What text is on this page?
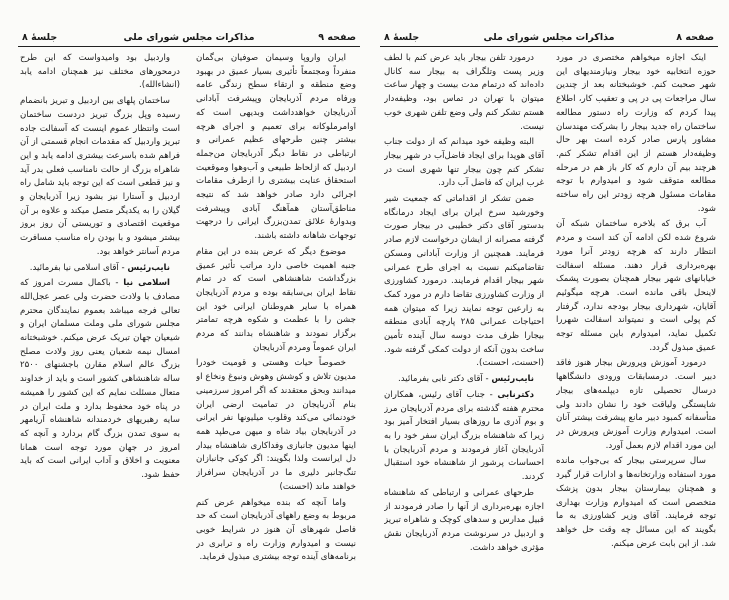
صفحه ۹
مذاکرات مجلس شورای ملی
جلسهٔ ۸

ایران واروپا وسیمان صوفیان بی‌گمان منفرداً ومجتمعاً تأثیری بسیار عمیق در بهبود وضع منطقه و ارتقاء سطح زندگی عامه ورفاه مردم آذربایجان وپیشرفت آبادانی آذربایجان خواهدداشت وبدیهی است که اوامرملوکانه برای تعمیم و اجرای هرچه بیشتر چنین طرحهای عظیم عمرانی و ارتباطی در نقاط دیگر آذربایجان من‌جمله اردبیل که ازلحاظ طبیعی و آب‌وهوا وموقعیت استحقاق عنایت بیشتری را ازطرف مقامات اجرائی دارد صادر خواهد شد که نتیجه مناطق‌آستان همآهنگ آبادی وپیشرفت وبدوارهٔ علائق تمدن‌بزرگ ایرانی را درجهت توجهات شاهانه داشته باشند.

موضوع دیگر که عرض بنده در این مقام جنبه اهمیت خاصی دارد مراتب تأثیر عمیق بزرگداشت شاهنشاهی است که در تمام نقاط ایران بی‌سابقه بوده و مردم آذربایجان همراه با سایر هم‌وطنان ایرانی خود این جشن را با عظمت و شکوه هرچه تمامتر برگزار نمودند و شاهنشاه بدانند که مردم ایران عموماً ومردم آذربایجان

خصوصاً حیات وهستی و قومیت خودرا مدیون تلاش و کوشش وهوش ونبوغ ونخاع او میدانند وبحق معتقدند که اگر امروز سرزمینی بنام آذربایجان در تمامیت ارضی ایران خودنمائی می‌کند وقلوب میلیونها نفر ایرانی در آذربایجان بیاد شاه و میهن می‌طپد همه اینها مدیون جانبازی وفداکاری شاهنشاه بیدار دل ایرانست ولذا بگویند: اگر کوکی جانبازان تنگ‌جانبر دلیری ما در آذربایجان سرافراز خواهند ماند (احسنت)

واما آنچه که بنده میخواهم عرض کنم مربوط به وضع راههای آذربایجان است که حد فاصل شهرهای آن هنوز در شرایط خوبی نیست و امیدوارم وزارت راه و ترابری در برنامه‌های آینده توجه بیشتری مبذول فرماید.

واردبیل بود وامیدواست که این طرح درمحورهای مختلف نیز همچنان ادامه یابد (انشاءالله).

ساختمان پلهای بین اردبیل و تبریز بانضمام رسیده وپل بزرگ تبریز دردست ساختمان است وانتظار عموم اینست که آسفالت جاده تبریز واردبیل که مقدمات انجام قسمتی از آن فراهم شده باسرعت بیشتری ادامه یابد و این شاهراه بزرگ از حالت نامناسب فعلی بدر آید و نیز قطعی است که این توجه باید شامل راه اردبیل و آستارا نیز بشود زیرا آذربایجان و گیلان را به یکدیگر متصل میکند و علاوه بر آن موقعیت اقتصادی و توریستی آن روز بروز بیشتر میشود و با بودن راه مناسب مسافرت مردم آسانتر خواهد بود.

نایب‌رئیس - آقای اسلامی نیا بفرمائید.

اسلامی نیا - باکمال مسرت امروز که مصادف با ولادت حضرت ولی عصر عجل‌الله تعالی فرجه میباشد بعموم نمایندگان محترم مجلس شورای ملی وملت مسلمان ایران و شیعیان جهان تبریک عرض میکنم. خوشبختانه امسال نیمه شعبان یعنی روز ولادت مصلح بزرگ عالم اسلام مقارن باجشنهای ۲۵۰۰ ساله شاهنشاهی کشور است و باید از خداوند متعال مسئلت نمایم که این کشور را همیشه در پناه خود محفوظ بدارد و ملت ایران در سایه رهبریهای خردمندانه شاهنشاه آریامهر به سوی تمدن بزرگ گام بردارد و آنچه که امروز در جهان مورد توجه است همانا معنویت و اخلاق و آداب ایرانی است که باید حفظ شود.

صفحه ۸
مذاکرات مجلس شورای ملی
جلسهٔ ۸

اینک اجازه میخواهم مختصری در مورد حوزه انتخابیه خود بیجار ونیازمندیهای این شهر صحبت کنم. خوشبختانه بعد از چندین سال مراجعات پی در پی و تعقیب کار، اطلاع پیدا کردم که وزارت راه دستور مطالعه ساختمان راه جدید بیجار را بشرکت مهندسان مشاور پارس صادر کرده است بهر حال وظیفه‌دار هستم از این اقدام تشکر کنم. هرچند بیم آن دارم که کار باز هم در مرحله مطالعه متوقف شود و امیدوارم با توجه مقامات مسئول هرچه زودتر این راه ساخته شود.

آب برق که بلاخره ساختمان شبکه آن شروع شده لکن ادامه آن کند است و مردم انتظار دارند که هرچه زودتر آنرا مورد بهره‌برداری قرار دهند. مسئله اسفالت خیابانهای شهر بیجار همچنان بصورت پشمک لاینحل باقی مانده است. هرچه میگوئیم آقایان، شهرداری بیجار بودجه ندارد، گرفتار کم پولی است و نمیتواند اسفالت شهررا تکمیل نماید، امیدوارم باین مسئله توجه عمیق مبذول گردد.

درمورد آموزش وپرورش بیجار هنوز فاقد دبیر است. درمسابقات ورودی دانشگاهها درسال تحصیلی تازه دیپلمه‌های بیجار شایستگی ولیاقت خود را نشان دادند ولی متأسفانه کمبود دبیر مانع پیشرفت بیشتر آنان است. امیدوارم وزارت آموزش وپرورش در این مورد اقدام لازم بعمل آورد.

سال سرپرستی بیجار که بی‌جواب مانده مورد استفاده وزارتخانه‌ها و ادارات قرار گیرد و همچنان بیمارستان بیجار بدون پزشک متخصص است که امیدوارم وزارت بهداری توجه فرمایند. آقای وزیر کشاورزی به ما بگویند که این مسائل چه وقت حل خواهد شد. از این بابت عرض میکنم.

درمورد تلفن بیجار باید عرض کنم با لطف وزیر پست وتلگراف به بیجار سه کانال داده‌اند که درتمام مدت بیست و چهار ساعت میتوان با تهران در تماس بود، وظیفه‌دار هستم تشکر کنم ولی وضع تلفن شهری خوب نیست.

البته وظیفه خود میدانم که از دولت جناب آقای هویدا برای ایجاد فاضل‌آب در شهر بیجار تشکر کنم چون بیجار تنها شهری است در غرب ایران که فاضل آب دارد.

ضمن تشکر از اقداماتی که جمعیت شیر وخورشید سرخ ایران برای ایجاد درمانگاه بدستور آقای دکتر خطیبی در بیجار صورت گرفته مصرانه از ایشان درخواست لازم صادر فرمایند. همچنین از وزارت آبادانی ومسکن تقاضامیکنم نسبت به اجرای طرح عمرانی شهر بیجار اقدام فرمایند. درمورد کشاورزی از وزارت کشاورزی تقاضا دارم در مورد کمک به زارعین توجه نمایند زیرا که میتوان همه احتیاجات عمرانی ۲۸۵ پارچه آبادی منطقه بیجارا ظرف مدت دوسه سال آینده تأمین ساخت بدون آنکه از دولت کمکی گرفته شود. (احسنت، احسنت).

نایب‌رئیس - آقای دکتر نابی بفرمائید.

دکترنابی - جناب آقای رئیس، همکاران محترم هفته گذشته برای مردم آذربایجان مرز و بوم آذری ما روزهای بسیار افتخار آمیز بود زیرا که شاهنشاه بزرگ ایران سفر خود را به آذربایجان آغاز فرمودند و مردم آذربایجان با احساسات پرشور از شاهنشاه خود استقبال کردند.

طرحهای عمرانی و ارتباطی که شاهنشاه اجازه بهره‌برداری از آنها را صادر فرمودند از قبیل مدارس و سدهای کوچک و شاهراه تبریز و اردبیل در سرنوشت مردم آذربایجان نقش مؤثری خواهد داشت.
